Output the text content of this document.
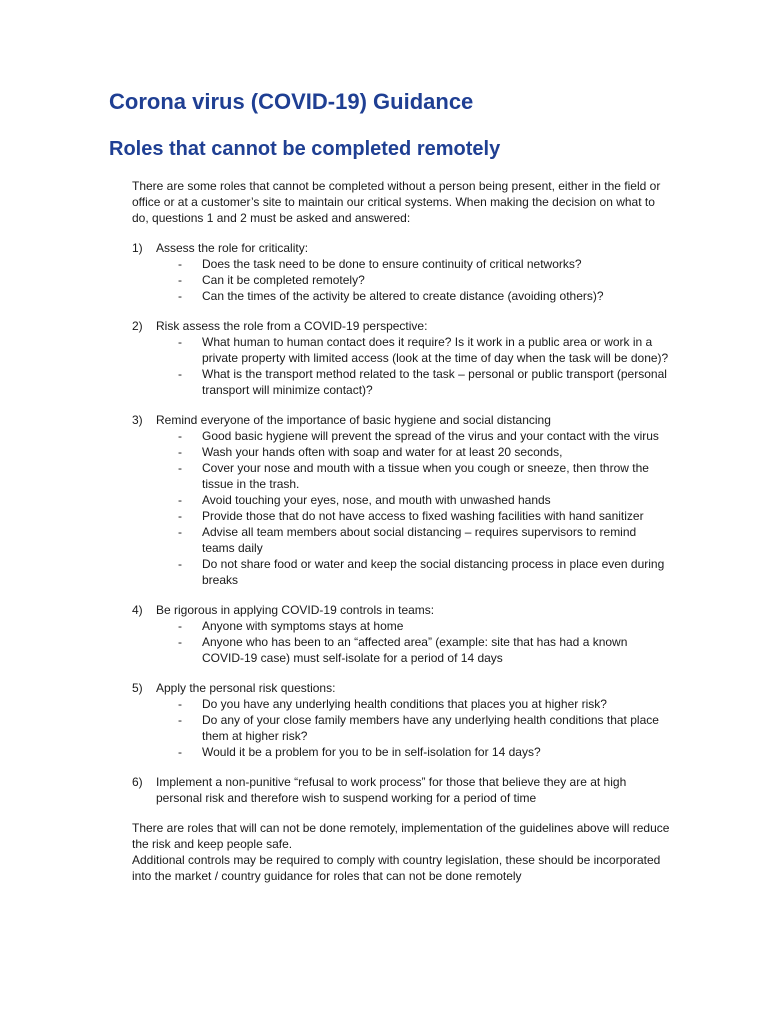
Corona virus (COVID-19) Guidance
Roles that cannot be completed remotely
There are some roles that cannot be completed without a person being present, either in the field or office or at a customer’s site to maintain our critical systems. When making the decision on what to do, questions 1 and 2 must be asked and answered:
1)	Assess the role for criticality:
-	Does the task need to be done to ensure continuity of critical networks?
-	Can it be completed remotely?
-	Can the times of the activity be altered to create distance (avoiding others)?
2)	Risk assess the role from a COVID-19 perspective:
-	What human to human contact does it require? Is it work in a public area or work in a private property with limited access (look at the time of day when the task will be done)?
-	What is the transport method related to the task – personal or public transport (personal transport will minimize contact)?
3)	Remind everyone of the importance of basic hygiene and social distancing
-	Good basic hygiene will prevent the spread of the virus and your contact with the virus
-	Wash your hands often with soap and water for at least 20 seconds,
-	Cover your nose and mouth with a tissue when you cough or sneeze, then throw the tissue in the trash.
-	Avoid touching your eyes, nose, and mouth with unwashed hands
-	Provide those that do not have access to fixed washing facilities with hand sanitizer
-	Advise all team members about social distancing – requires supervisors to remind teams daily
-	Do not share food or water and keep the social distancing process in place even during breaks
4)	Be rigorous in applying COVID-19 controls in teams:
-	Anyone with symptoms stays at home
-	Anyone who has been to an “affected area” (example: site that has had a known COVID-19 case) must self-isolate for a period of 14 days
5)	Apply the personal risk questions:
-	Do you have any underlying health conditions that places you at higher risk?
-	Do any of your close family members have any underlying health conditions that place them at higher risk?
-	Would it be a problem for you to be in self-isolation for 14 days?
6)	Implement a non-punitive “refusal to work process” for those that believe they are at high personal risk and therefore wish to suspend working for a period of time

There are roles that will can not be done remotely, implementation of the guidelines above will reduce the risk and keep people safe.

Additional controls may be required to comply with country legislation, these should be incorporated into the market / country guidance for roles that can not be done remotely
